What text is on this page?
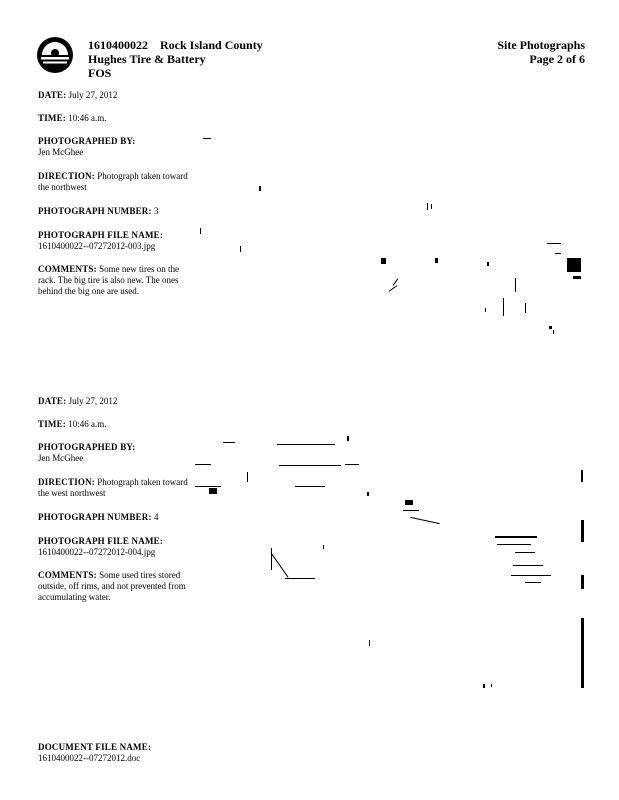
1610400022 Rock Island County
Hughes Tire & Battery
FOS
Site Photographs
Page 2 of 6
DATE: July 27, 2012
TIME: 10:46 a.m.
PHOTOGRAPHED BY:
Jen McGhee
DIRECTION: Photograph taken toward the northwest
PHOTOGRAPH NUMBER: 3
PHOTOGRAPH FILE NAME:
1610400022--07272012-003.jpg
COMMENTS: Some new tires on the rack. The big tire is also new. The ones behind the big one are used.
DATE: July 27, 2012
TIME: 10:46 a.m.
PHOTOGRAPHED BY:
Jen McGhee
DIRECTION: Photograph taken toward the west northwest
PHOTOGRAPH NUMBER: 4
PHOTOGRAPH FILE NAME:
1610400022--07272012-004.jpg
COMMENTS: Some used tires stored outside, off rims, and not prevented from accumulating water.
DOCUMENT FILE NAME:
1610400022--07272012.doc
